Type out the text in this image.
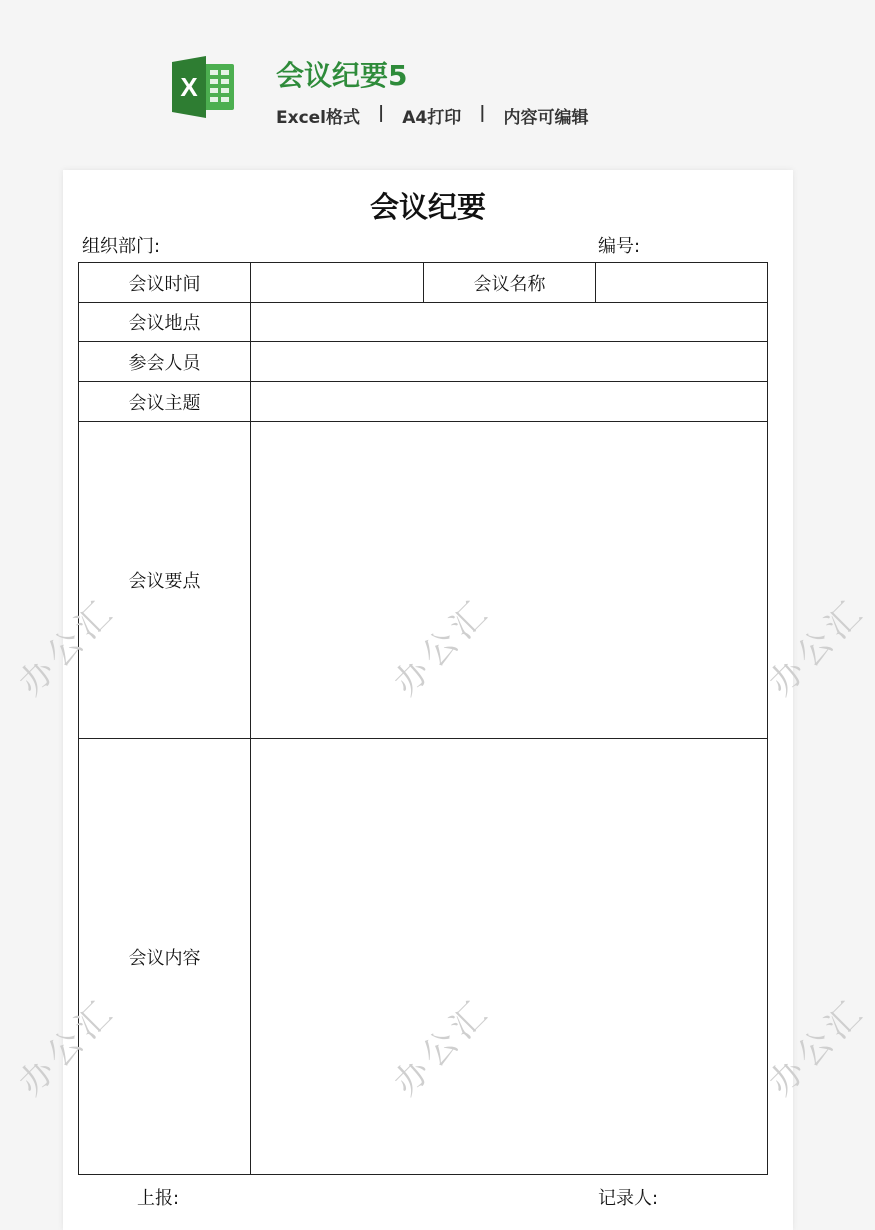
X	会议纪要5
Excel格式 | A4打印 | 内容可编辑
会议纪要
组织部门:	编号:
会议时间		会议名称	
会议地点			
参会人员			
会议主题			
会议要点			
会议内容			
上报:	记录人:
办公汇	办公汇	办公汇
办公汇	办公汇	办公汇
